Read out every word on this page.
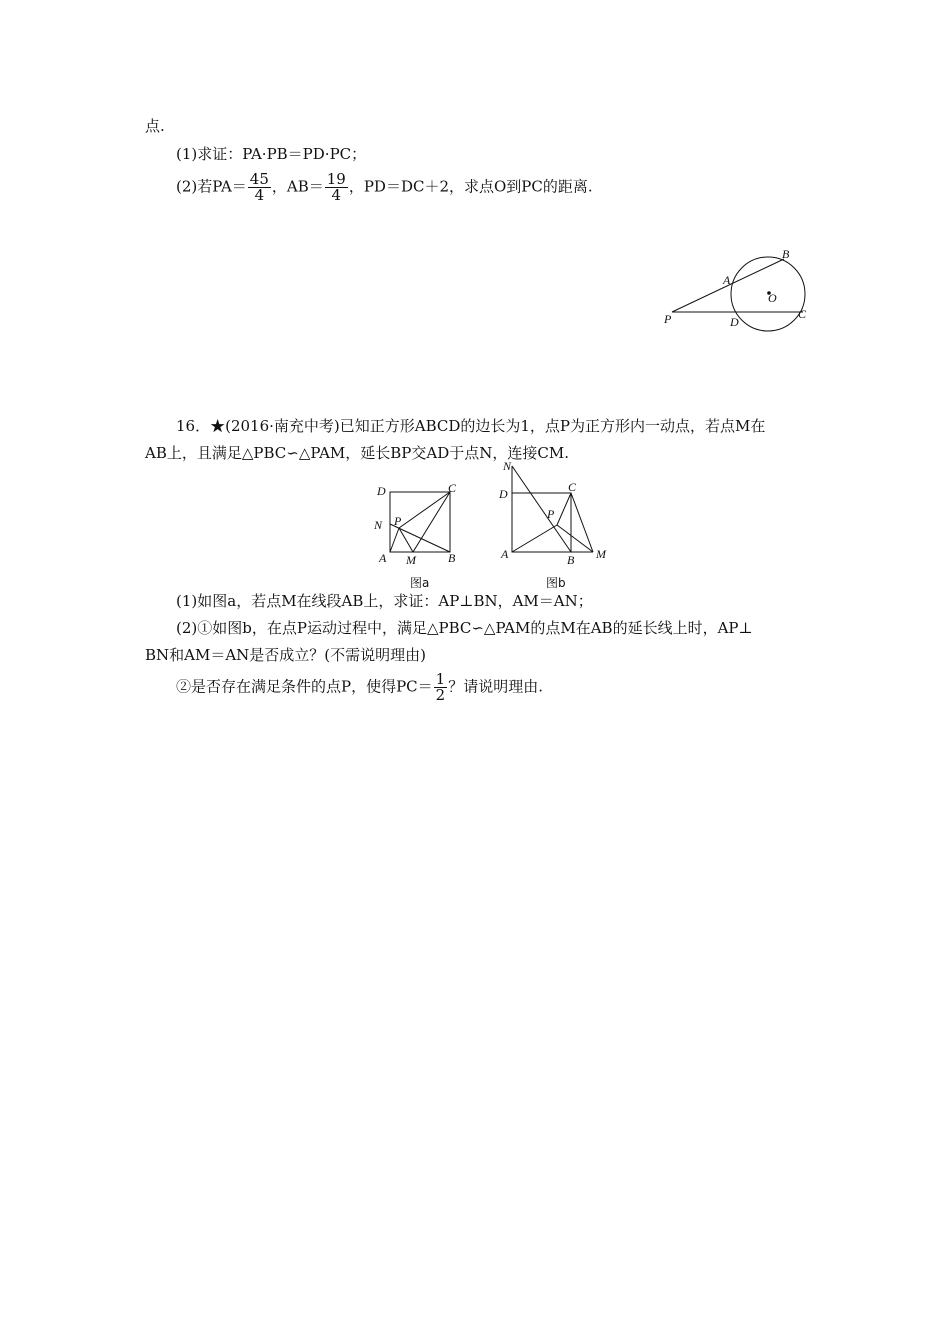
点.
(1)求证：PA·PB＝PD·PC；
(2)若$PA= \frac{45}{4}$ ，$AB= \frac{19}{4}$ ，PD＝DC＋2，求点O到PC的距离.
P
A
B
O
D
C
16．★(2016·南充中考)已知正方形ABCD的边长为1，点P为正方形内一动点，若点M在
AB上，且满足△PBC∽△PAM，延长BP交AD于点N，连接CM.
D	C
N P
A M	B
图a
N
D	C
P
A	B M
图b
(1)如图a，若点M在线段AB上，求证：AP⊥BN，AM＝AN；
(2)①如图b，在点P运动过程中，满足△PBC∽△PAM的点M在AB的延长线上时，AP⊥
BN和AM＝AN是否成立？(不需说明理由)
②是否存在满足条件的点P，使得$PC= \frac{1}{2}$ ？请说明理由.
